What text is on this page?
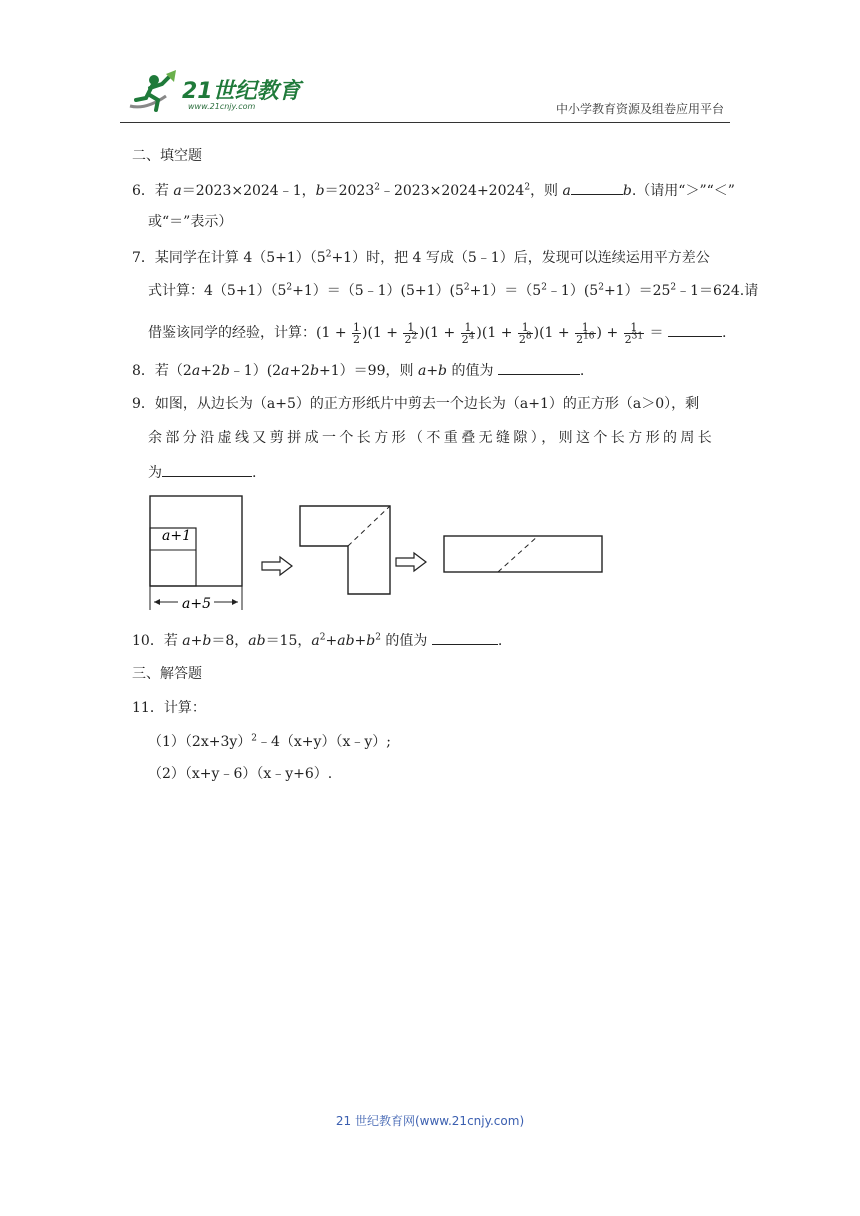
21世纪教育
www.21cnjy.com	中小学教育资源及组卷应用平台
二、填空题
6．若 a＝2023×2024﹣1，$b=2023^2﹣2023\times 2024+2024^2$，则 a	b.（请用“＞”“＜”
或“＝”表示）
7．某同学在计算 $4(5+1)(5^2+1)$时，把 4 写成（5﹣1）后，发现可以连续运用平方差公
式计算：$4(5+1)(5^2+1)=(5﹣1)(5+1)(5^2+1)=(5^2﹣1)(5^2+1)=25^2﹣1=624$.请
借鉴该同学的经验，计算：$(1 + \frac{1}{2} )(1 + \frac{1}{2^2} )(1 + \frac{1}{2^4} )(1 + \frac{1}{2^8} )(1 + \frac{1}{2^{16}}$ ) + $\frac{1}{2^{31}}$ ＝	.
8．若（2a+2b﹣1）(2a+2b+1）＝99，则 a+b 的值为	.
9．如图，从边长为（a+5）的正方形纸片中剪去一个边长为（a+1）的正方形（a＞0），剩
余部分沿虚线又剪拼成一个长方形（不重叠无缝隙），则这个长方形的周长
为	.
a+1
a+5
10．若 a+b＝8，ab＝15，$a^2+ab+b^2$ 的值为	.
三、解答题
11．计算：
$(1)(2x+3y)^2﹣4(x+y)(x﹣y)$;
（2）（x+y﹣6）（x﹣y+6）.
21 世纪教育网(www.21cnjy.com)
